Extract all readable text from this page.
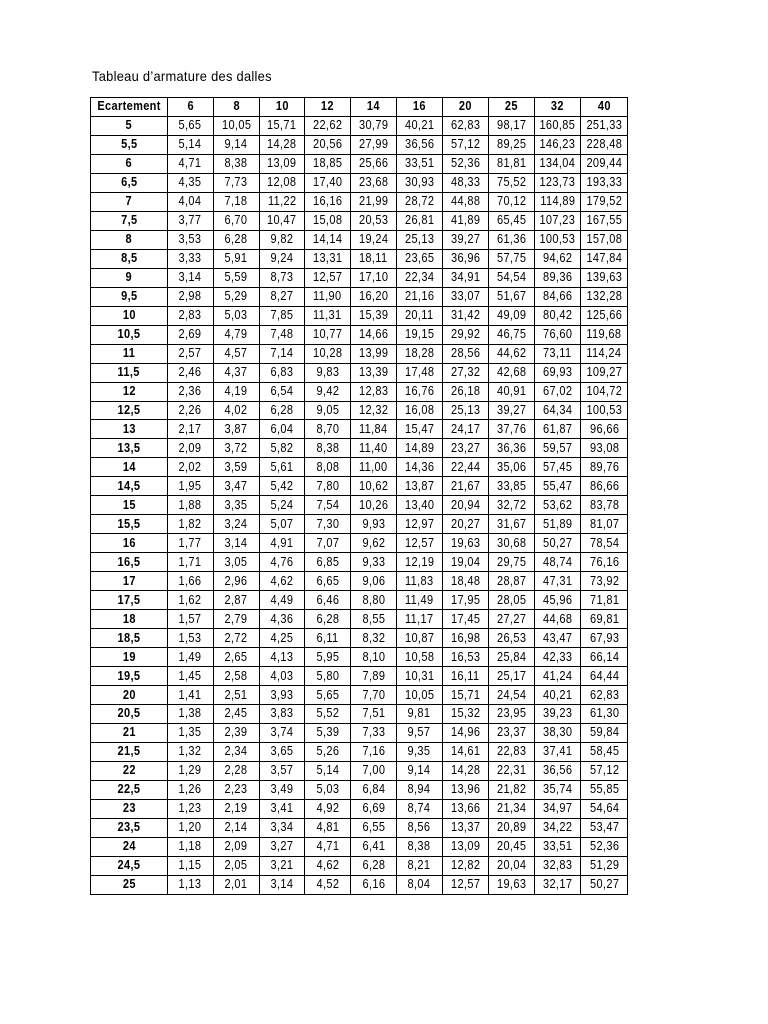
Tableau d’armature des dalles
Ecartement	6	8	10	12	14	16	20	25	32	40
5	5,65	10,05	15,71	22,62	30,79	40,21	62,83	98,17	160,85	251,33
5,5	5,14	9,14	14,28	20,56	27,99	36,56	57,12	89,25	146,23	228,48
6	4,71	8,38	13,09	18,85	25,66	33,51	52,36	81,81	134,04	209,44
6,5	4,35	7,73	12,08	17,40	23,68	30,93	48,33	75,52	123,73	193,33
7	4,04	7,18	11,22	16,16	21,99	28,72	44,88	70,12	114,89	179,52
7,5	3,77	6,70	10,47	15,08	20,53	26,81	41,89	65,45	107,23	167,55
8	3,53	6,28	9,82	14,14	19,24	25,13	39,27	61,36	100,53	157,08
8,5	3,33	5,91	9,24	13,31	18,11	23,65	36,96	57,75	94,62	147,84
9	3,14	5,59	8,73	12,57	17,10	22,34	34,91	54,54	89,36	139,63
9,5	2,98	5,29	8,27	11,90	16,20	21,16	33,07	51,67	84,66	132,28
10	2,83	5,03	7,85	11,31	15,39	20,11	31,42	49,09	80,42	125,66
10,5	2,69	4,79	7,48	10,77	14,66	19,15	29,92	46,75	76,60	119,68
11	2,57	4,57	7,14	10,28	13,99	18,28	28,56	44,62	73,11	114,24
11,5	2,46	4,37	6,83	9,83	13,39	17,48	27,32	42,68	69,93	109,27
12	2,36	4,19	6,54	9,42	12,83	16,76	26,18	40,91	67,02	104,72
12,5	2,26	4,02	6,28	9,05	12,32	16,08	25,13	39,27	64,34	100,53
13	2,17	3,87	6,04	8,70	11,84	15,47	24,17	37,76	61,87	96,66
13,5	2,09	3,72	5,82	8,38	11,40	14,89	23,27	36,36	59,57	93,08
14	2,02	3,59	5,61	8,08	11,00	14,36	22,44	35,06	57,45	89,76
14,5	1,95	3,47	5,42	7,80	10,62	13,87	21,67	33,85	55,47	86,66
15	1,88	3,35	5,24	7,54	10,26	13,40	20,94	32,72	53,62	83,78
15,5	1,82	3,24	5,07	7,30	9,93	12,97	20,27	31,67	51,89	81,07
16	1,77	3,14	4,91	7,07	9,62	12,57	19,63	30,68	50,27	78,54
16,5	1,71	3,05	4,76	6,85	9,33	12,19	19,04	29,75	48,74	76,16
17	1,66	2,96	4,62	6,65	9,06	11,83	18,48	28,87	47,31	73,92
17,5	1,62	2,87	4,49	6,46	8,80	11,49	17,95	28,05	45,96	71,81
18	1,57	2,79	4,36	6,28	8,55	11,17	17,45	27,27	44,68	69,81
18,5	1,53	2,72	4,25	6,11	8,32	10,87	16,98	26,53	43,47	67,93
19	1,49	2,65	4,13	5,95	8,10	10,58	16,53	25,84	42,33	66,14
19,5	1,45	2,58	4,03	5,80	7,89	10,31	16,11	25,17	41,24	64,44
20	1,41	2,51	3,93	5,65	7,70	10,05	15,71	24,54	40,21	62,83
20,5	1,38	2,45	3,83	5,52	7,51	9,81	15,32	23,95	39,23	61,30
21	1,35	2,39	3,74	5,39	7,33	9,57	14,96	23,37	38,30	59,84
21,5	1,32	2,34	3,65	5,26	7,16	9,35	14,61	22,83	37,41	58,45
22	1,29	2,28	3,57	5,14	7,00	9,14	14,28	22,31	36,56	57,12
22,5	1,26	2,23	3,49	5,03	6,84	8,94	13,96	21,82	35,74	55,85
23	1,23	2,19	3,41	4,92	6,69	8,74	13,66	21,34	34,97	54,64
23,5	1,20	2,14	3,34	4,81	6,55	8,56	13,37	20,89	34,22	53,47
24	1,18	2,09	3,27	4,71	6,41	8,38	13,09	20,45	33,51	52,36
24,5	1,15	2,05	3,21	4,62	6,28	8,21	12,82	20,04	32,83	51,29
25	1,13	2,01	3,14	4,52	6,16	8,04	12,57	19,63	32,17	50,27
